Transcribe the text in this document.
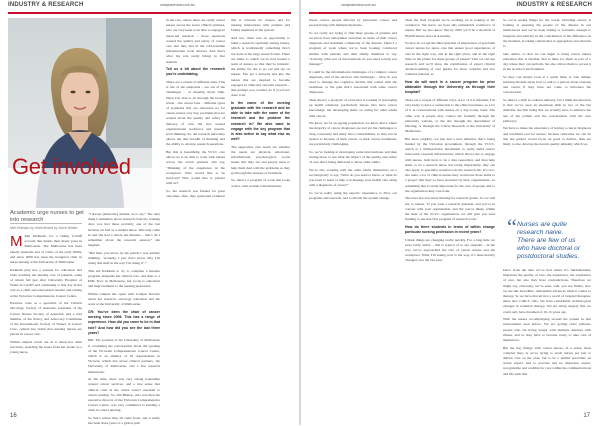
INDUSTRY & RESEARCH	campusreview.com.au
Get involved
Academic urge nurses to get into research
Mel Kirkham by Interviewed by Dave Walke

M Mel Kirkham: for a fitting Cardiff account that details their many years in Melbourne. The Melbourne has been ideally Australia and of critics of the early 2000s, and since 2006 has been the inaugural chair in nurse nursing at the University of Melbourne.

Kirkham play has a passion for education and wide reaching the nursing care of patients, some of whom fall just after University Hospital of Wales in Cardiff and continuing to this day in her role as a chief and educational teacher and raising at the Victorian Comprehensive Cancer Centre.

Previous roles as a specialist of the Clinical Oncology Society of Australia, president of the Cancer Nurses Society of Australia, and a lead member of the Policy and Advocacy Committee of the International Society of Nurses in Cancer Care, cement her belief that nursing nurses are placed in cancer care.

Within campus watch out as to listen has often reactions, spending the hours from her leader as a young nurse.

“I always (shine the) student, as to say,” The only thing I remember about research from my training days was that these probably one of the last lectures we had as a student nurse. This lady came in and she had a whole ten minutes – that’s all I remember about the research session,” she laughed.

“But then, you know, by the puzzle I was quickly thinking, ‘Actually, I just don’t know why I’m doing this stuff in the way I’m doing it’.”

This led Kirkham to try to complete a masters program alongside her clinical role, and then to a PhD. Now in Melbourne, her focus is education and improvements to the nursing profession.

Within campus she spent with Campus Review about her research, oncology education and the work at the University of Melbourne.

CR: You’ve been the chair of cancer nursing since 2006. This has a range of experience. How did you come to be in that role? And how did you see the last three years?

HK: The position at the University of Melbourne is continuing the conversation about the opening of the Victorian Comprehensive Cancer Centre, which is an alliance of 10 organisations in Victoria, which has seven clinical partners, the University of Melbourne, and a few research institutions.

At the time, there was very strong leadership around cancer services, and a true sense that clinical roles in the centre wasn’t essential to cancer nursing. So, Jim Bishop, who was then the executive director of the Victorian Comprehensive Cancer Centre, was very committed to funding a chair in cancer nursing.

So that’s where they all came from, and it really has been three years of a global path

in the role, where there are really cancer nurses across the seven clinical partners, who are very keen to be able to engage in nurse-led research – those questions around the quality and safety of cancer care that they had in the cold-baseline infrastructure tools devices. And that’s what my role really brings in that domain.

Tell us a bit about the research you’re undertaking.

There are a couple of different aims. This is one of the endpoints – are out of the challenges – of meeting many bulk. What I’m able to do through the bronze levels – the cancer lens – different types of problems that are otherwise no for cancer nurses very day, problems that are around about the quality and safety of delivery of care, but also around organisational workforce and system-level thinking. So, the research university allows me that breadth of thinking and the ability to develop research questions.

But this is beautifully, the VCCC role allows us to be able to work with nurses across the seven partners and say, ‘Thinking of the experience in the workplace. Who would like to be involved? Who would like to partner with us?’

So, the research was funded for great outcomes. One, they generated evidence that is relevant for nurses, and for nursing interactions with patients and family members in the system.

And two, there was an opportunity to build a research capability among nurses, which is traditionally something that’s not done at the large research state. There are times to which we’ve had around a team of nurses, so that they’re fantastic, the ability for me to go out and tap on nurses. The get a network and into the nurses that are inspired to become engaged in clinically relevant research – that perhaps you couldn’t do if you’d not done it all.

Is the name of the nursing graduate with the research and be able to take with the name of the research and the problem the research is? We also want to engage with the key program that is also active to say what else as well?

The supportive care needs are whether the needs are physical, emotional, informational, psychological, social issues that they are and people need to help them deal with the problems as they go through the stresses of treatment.

So, there’s a program of work that looks at that, with women with metastatic

16
campusreview.com.au	INDUSTRY & RESEARCH

breast cancer, people affected by pancreatic cancer, and people living with multiple myeloma.

So we really are trying to find these groups of patients and we know have suboptimal outcomes in terms of their cancer diagnosis and treatment complexity of the disease. There’s a program of work where we’ve been looking convinced studies with patients and their family members to say, ‘Actually, what sort of interventions do you need to help you manage?’

It could be the informational challenges of a complex cancer diagnosis, and of the services and challenges – what do you need to manage the cognitive decline that comes with the treatment, or the pain that’s associated with some cancer diagnoses.

Then there’s a program of work that is looking at leveraging up health solutions, particularly nurses who have cancer knowledge, but developing skills on caring for older adults with cancer.

We know we’ve an ageing population, we know that’s where the majority of cancer diagnoses are and yet the challenges to drug conversely and many have comorbidities, so may not be treated to because of their cancer, or their cancer treatments, are particularly challenging.

So, we’re looking at developing some interventions, and then testing those to see what the impact of the quality and safety of care that’s being delivered to those older adults.

We’re also working with the older adults themselves on a sociologically to say, ‘What do you need to know, or what do you need to learn to help you manage your health care along with a diagnosis of cancer?’

So we’re really using the experts’ experience to drive our programs and research, and to inform the system change.

Then the final program we’re working on is looking at the workforce. We know we have this remarkable workforce of nurses. But we also know that by 2025 we’ll be a shortfall of 85,000 nurses short in Australia.

So how do we get the third question of importance of specialist cancer nurses for nurse care that ensure good experiences of care in the right way, and in the right place, and at the right time on the planet for these groups of nurses? That we can use research and we’ll show the contribution of expert clinical decision-making of care guides for those complex and low complex patients, so

How do will work in a cancer program for prior attainable through the University as through their hospital?

There are a couple of different ways. A lot of it is informal, I’m very lucky to have a connection to the clinical partners, so a lot of it is conversations with nurses on a day-to-day basis. The other way is people may contact me formally through the university website, or the site through the department of Nursing, or through the Cancer Research at the University of Melbourne.

But more tangibly, we just had a new initiative that’s being funded by the Victorian government, through the VCCC, which is a million-dollar investment to really build cancer innovation research infrastructure which allows me to engage with nurses, both have to be a data researcher, and then help them, to be a research nurse, but really, importantly, they can also apply to specialist workforce in the research lab. It’s two-site units, a lot of clinical nurses they would use those skills to a project that they’ve been provided by their organisations, so something that is really important for the care of people and to the organisation they care from.

The trust also has more funding for research grants. So we will say to nurses, ‘If you want a research question, and you’re in concert with your organisation, and the you’re likely, within the lines of the VCCC organisation, we will give you seed funding to ask that first program of research work.’

How do there students in terms of within change particular nursing profession in recent years?

I think things are changing really quickly. For a long time we were fairly stable – this is typical of to say stagnant – in the way we’ve approached the role of cancer nurses and the workplace. What I’m seeing now is the way, it’s been heavily changed over the last year.

So we’re seeing things for the world, including cancer, is looking at ensuring the people of the disease in our medications and we’ve been testing or fortunate enough to integrate and embody in the contribution of the difference on the moment, is taking content that is appropriate and relevant to

take online, so that we can begin to bring cancer nurses education that is flexible, that is there for them as part of a day where they can perform, but also allows them to access it in the at-school environment.

So they can maybe look at a quick three or four minute learning module about how to talk to a person about exercise and cancer if they have not come to introduce the conversation.

So there’s a shift in cadence delivery, but I think the direction is that we’ve seen an enormous shift in two of the big domains: the first being that we actually have to embrace the use of the patient and the conversation with the care pathways.

We have to make the experience of having a cancer diagnosis and treatment real for nurses, because otherwise we can do that the greater would focus on good to deliver, then are likely to also develop the decent-quality empathy which we

“ Nurses are quite research naive. There are few of us who have doctoral or postdoctoral studies.

know from the data we’ve had where it’s fundamentally important the quality of care, the experience, the experience of care, but also they have contradictions. Therefore we might say, obviously, we’ve seen, well, you see finally, how we see this incredible, remarkable advances when it comes to therapy. So we have moved into a world of targeted therapies, these new CAR-T cells. We have remarkable technological changes in radiation therapy. We are doing surgery that we could only have dreamed of 10-15 years ago.

With the nurses accompanying around the patient in that environment seen before. We are getting older patients, people who are living longer with multiple diseases with illness, and so they have to become ready to take care of themselves.

But the big change with cancer nurses, in a sense, most complex they, is we’re trying to teach nurses not just to deliver care on the plan, but to be a skilled specialist, an actual expert, and to practise and be important expert, recognisable and credible for care within the communications and life with that.

17
